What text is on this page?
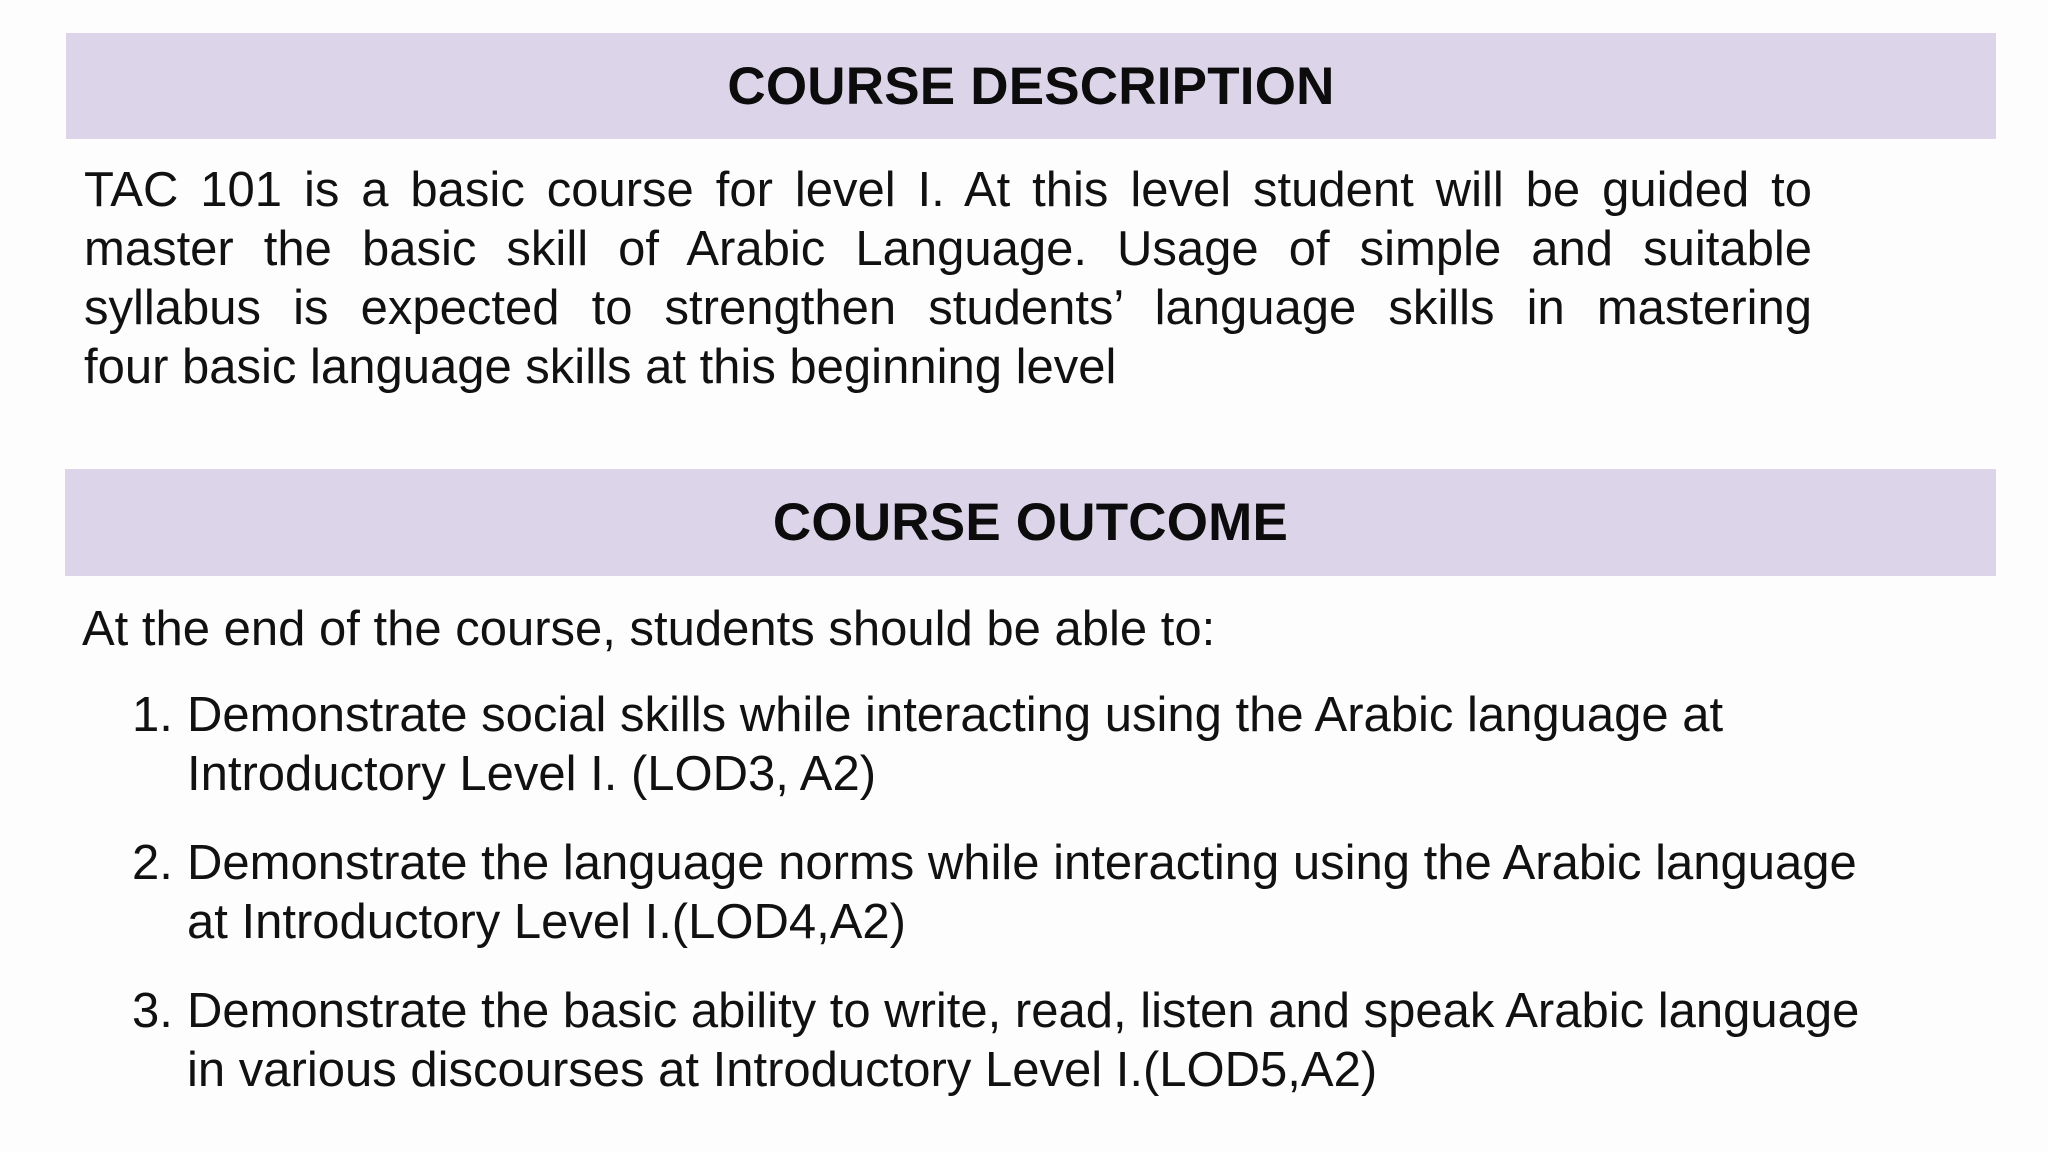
COURSE DESCRIPTION
TAC 101 is a basic course for level I. At this level student will be guided to
master the basic skill of Arabic Language. Usage of simple and suitable
syllabus is expected to strengthen students’ language skills in mastering
four basic language skills at this beginning level
COURSE OUTCOME
At the end of the course, students should be able to:
1. Demonstrate social skills while interacting using the Arabic language at Introductory Level I. (LOD3, A2)
2. Demonstrate the language norms while interacting using the Arabic language at Introductory Level I.(LOD4,A2)
3. Demonstrate the basic ability to write, read, listen and speak Arabic language in various discourses at Introductory Level I.(LOD5,A2)
